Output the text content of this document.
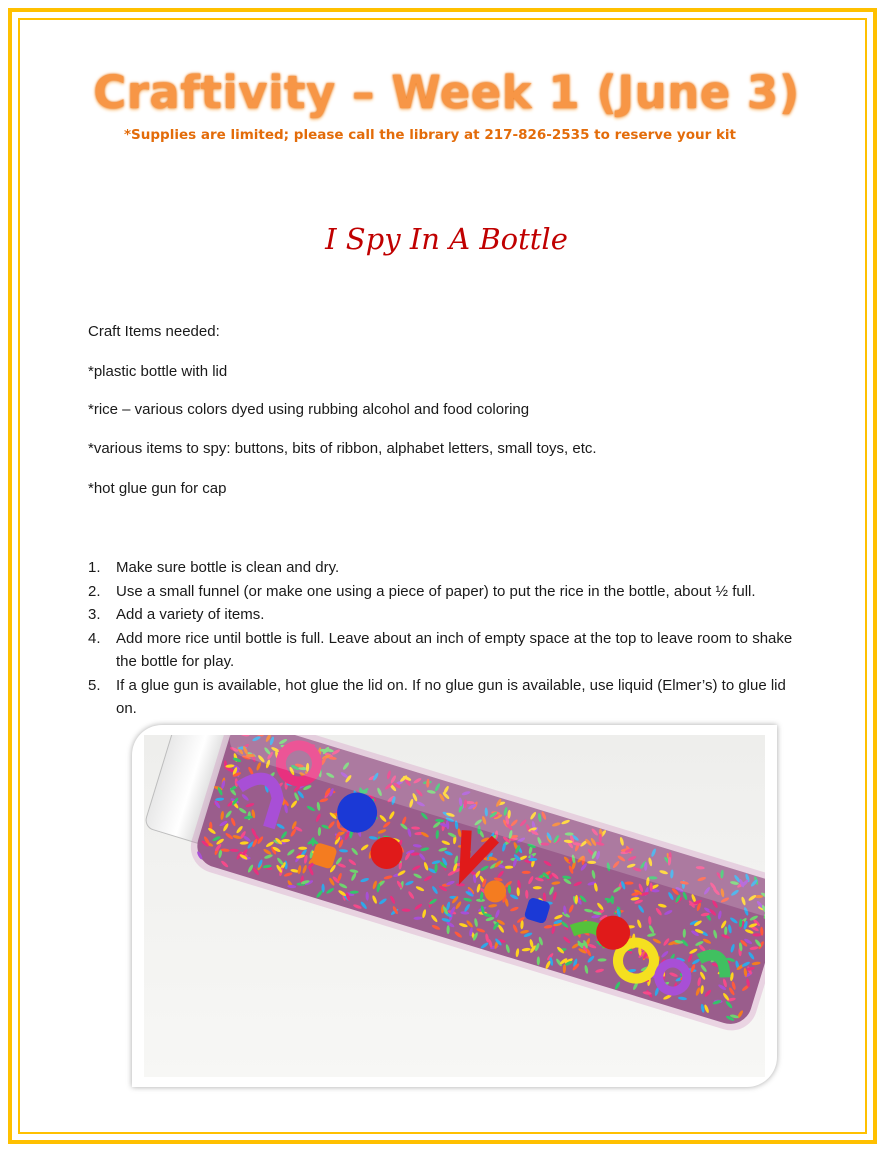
Craftivity – Week 1 (June 3)
*Supplies are limited; please call the library at 217-826-2535 to reserve your kit
I Spy In A Bottle
Craft Items needed:
*plastic bottle with lid
*rice – various colors dyed using rubbing alcohol and food coloring
*various items to spy: buttons, bits of ribbon, alphabet letters, small toys, etc.
*hot glue gun for cap
1.	Make sure bottle is clean and dry.
2.	Use a small funnel (or make one using a piece of paper) to put the rice in the bottle, about ½ full.
3.	Add a variety of items.
4.	Add more rice until bottle is full. Leave about an inch of empty space at the top to leave room to shake the bottle for play.
5.	If a glue gun is available, hot glue the lid on. If no glue gun is available, use liquid (Elmer’s) to glue lid on.
